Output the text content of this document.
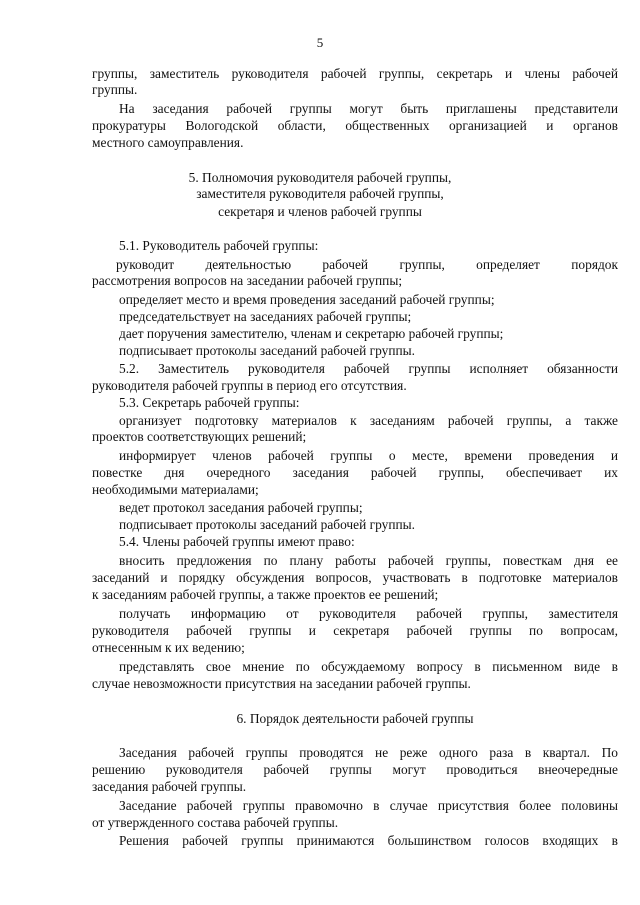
5
группы, заместитель руководителя рабочей группы, секретарь и члены рабочей
группы.
На заседания рабочей группы могут быть приглашены представители
прокуратуры Вологодской области, общественных организацией и органов
местного самоуправления.
5. Полномочия руководителя рабочей группы,
заместителя руководителя рабочей группы,
секретаря и членов рабочей группы
5.1. Руководитель рабочей группы:
руководит деятельностью рабочей группы, определяет порядок
рассмотрения вопросов на заседании рабочей группы;
определяет место и время проведения заседаний рабочей группы;
председательствует на заседаниях рабочей группы;
дает поручения заместителю, членам и секретарю рабочей группы;
подписывает протоколы заседаний рабочей группы.
5.2. Заместитель руководителя рабочей группы исполняет обязанности
руководителя рабочей группы в период его отсутствия.
5.3. Секретарь рабочей группы:
организует подготовку материалов к заседаниям рабочей группы, а также
проектов соответствующих решений;
информирует членов рабочей группы о месте, времени проведения и
повестке дня очередного заседания рабочей группы, обеспечивает их
необходимыми материалами;
ведет протокол заседания рабочей группы;
подписывает протоколы заседаний рабочей группы.
5.4. Члены рабочей группы имеют право:
вносить предложения по плану работы рабочей группы, повесткам дня ее
заседаний и порядку обсуждения вопросов, участвовать в подготовке материалов
к заседаниям рабочей группы, а также проектов ее решений;
получать информацию от руководителя рабочей группы, заместителя
руководителя рабочей группы и секретаря рабочей группы по вопросам,
отнесенным к их ведению;
представлять свое мнение по обсуждаемому вопросу в письменном виде в
случае невозможности присутствия на заседании рабочей группы.
6. Порядок деятельности рабочей группы
Заседания рабочей группы проводятся не реже одного раза в квартал. По
решению руководителя рабочей группы могут проводиться внеочередные
заседания рабочей группы.
Заседание рабочей группы правомочно в случае присутствия более половины
от утвержденного состава рабочей группы.
Решения рабочей группы принимаются большинством голосов входящих в
